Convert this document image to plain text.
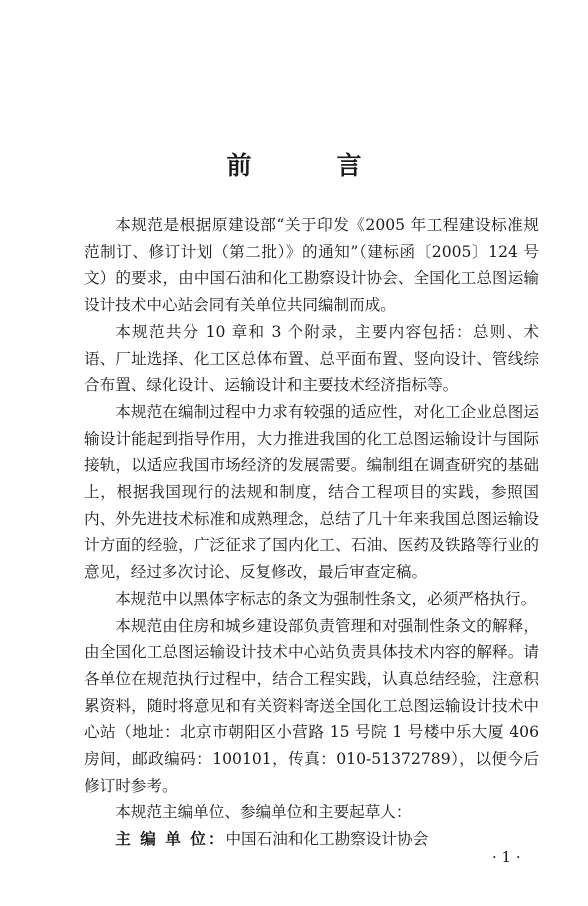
前　言

本规范是根据原建设部“关于印发《2005 年工程建设标准规范制订、修订计划（第二批）》的通知”（建标函〔2005〕124 号文）的要求，由中国石油和化工勘察设计协会、全国化工总图运输设计技术中心站会同有关单位共同编制而成。

本规范共分 10 章和 3 个附录，主要内容包括：总则、术语、厂址选择、化工区总体布置、总平面布置、竖向设计、管线综合布置、绿化设计、运输设计和主要技术经济指标等。

本规范在编制过程中力求有较强的适应性，对化工企业总图运输设计能起到指导作用，大力推进我国的化工总图运输设计与国际接轨，以适应我国市场经济的发展需要。编制组在调查研究的基础上，根据我国现行的法规和制度，结合工程项目的实践，参照国内、外先进技术标准和成熟理念，总结了几十年来我国总图运输设计方面的经验，广泛征求了国内化工、石油、医药及铁路等行业的意见，经过多次讨论、反复修改，最后审查定稿。

本规范中以黑体字标志的条文为强制性条文，必须严格执行。

本规范由住房和城乡建设部负责管理和对强制性条文的解释，由全国化工总图运输设计技术中心站负责具体技术内容的解释。请各单位在规范执行过程中，结合工程实践，认真总结经验，注意积累资料，随时将意见和有关资料寄送全国化工总图运输设计技术中心站（地址：北京市朝阳区小营路 15 号院 1 号楼中乐大厦 406 房间，邮政编码：100101，传真：010-51372789），以便今后修订时参考。

本规范主编单位、参编单位和主要起草人：

主 编 单 位：中国石油和化工勘察设计协会

· 1 ·
